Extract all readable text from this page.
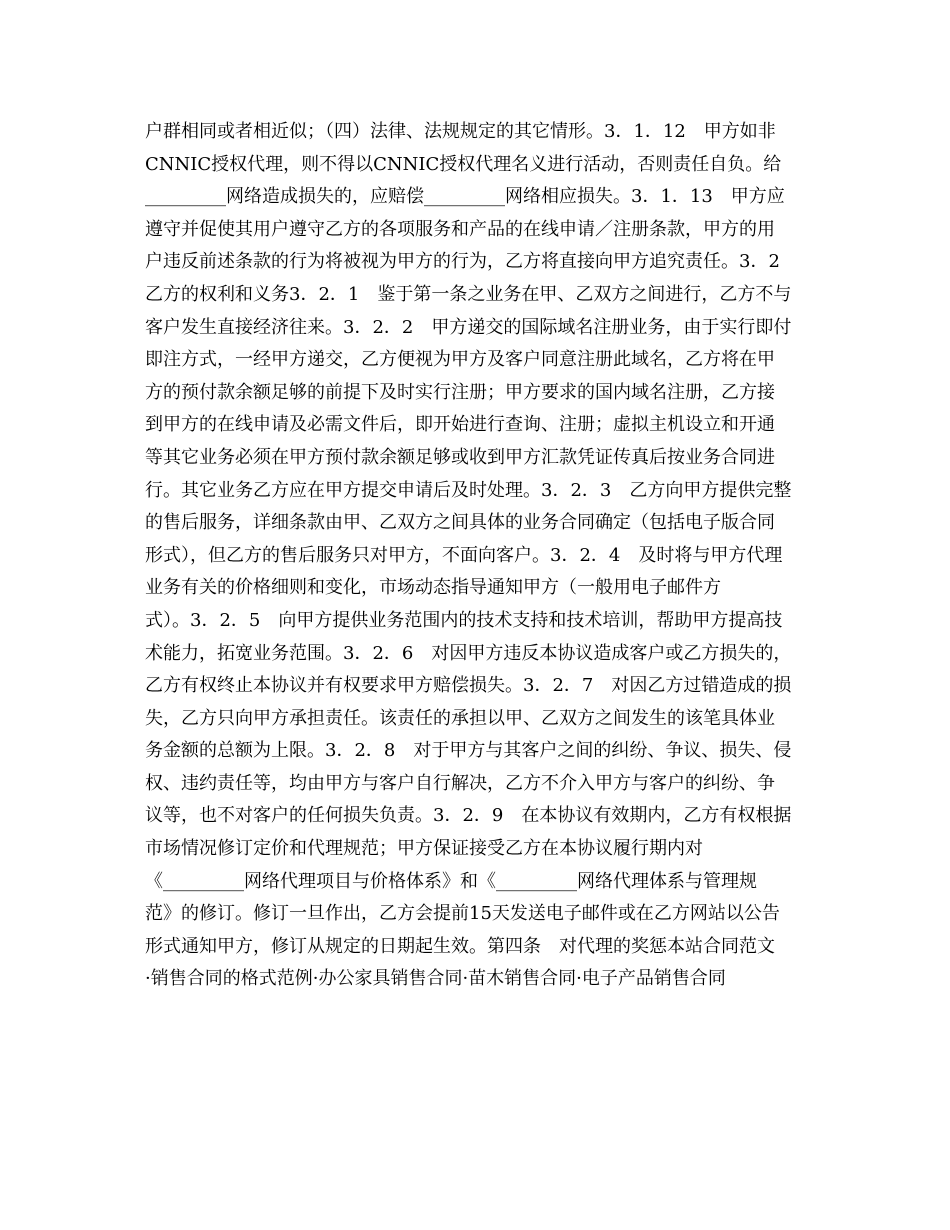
户群相同或者相近似；（四）法律、法规规定的其它情形。3．1．12　甲方如非
CNNIC授权代理，则不得以CNNIC授权代理名义进行活动，否则责任自负。给
_________网络造成损失的，应赔偿_________网络相应损失。3．1．13　甲方应
遵守并促使其用户遵守乙方的各项服务和产品的在线申请／注册条款，甲方的用
户违反前述条款的行为将被视为甲方的行为，乙方将直接向甲方追究责任。3．2
乙方的权利和义务3．2．1　鉴于第一条之业务在甲、乙双方之间进行，乙方不与
客户发生直接经济往来。3．2．2　甲方递交的国际域名注册业务，由于实行即付
即注方式，一经甲方递交，乙方便视为甲方及客户同意注册此域名，乙方将在甲
方的预付款余额足够的前提下及时实行注册；甲方要求的国内域名注册，乙方接
到甲方的在线申请及必需文件后，即开始进行查询、注册；虚拟主机设立和开通
等其它业务必须在甲方预付款余额足够或收到甲方汇款凭证传真后按业务合同进
行。其它业务乙方应在甲方提交申请后及时处理。3．2．3　乙方向甲方提供完整
的售后服务，详细条款由甲、乙双方之间具体的业务合同确定（包括电子版合同
形式），但乙方的售后服务只对甲方，不面向客户。3．2．4　及时将与甲方代理
业务有关的价格细则和变化，市场动态指导通知甲方（一般用电子邮件方
式）。3．2．5　向甲方提供业务范围内的技术支持和技术培训，帮助甲方提高技
术能力，拓宽业务范围。3．2．6　对因甲方违反本协议造成客户或乙方损失的，
乙方有权终止本协议并有权要求甲方赔偿损失。3．2．7　对因乙方过错造成的损
失，乙方只向甲方承担责任。该责任的承担以甲、乙双方之间发生的该笔具体业
务金额的总额为上限。3．2．8　对于甲方与其客户之间的纠纷、争议、损失、侵
权、违约责任等，均由甲方与客户自行解决，乙方不介入甲方与客户的纠纷、争
议等，也不对客户的任何损失负责。3．2．9　在本协议有效期内，乙方有权根据
市场情况修订定价和代理规范；甲方保证接受乙方在本协议履行期内对
《_________网络代理项目与价格体系》和《_________网络代理体系与管理规
范》的修订。修订一旦作出，乙方会提前15天发送电子邮件或在乙方网站以公告
形式通知甲方，修订从规定的日期起生效。第四条　对代理的奖惩本站合同范文
·销售合同的格式范例·办公家具销售合同·苗木销售合同·电子产品销售合同
